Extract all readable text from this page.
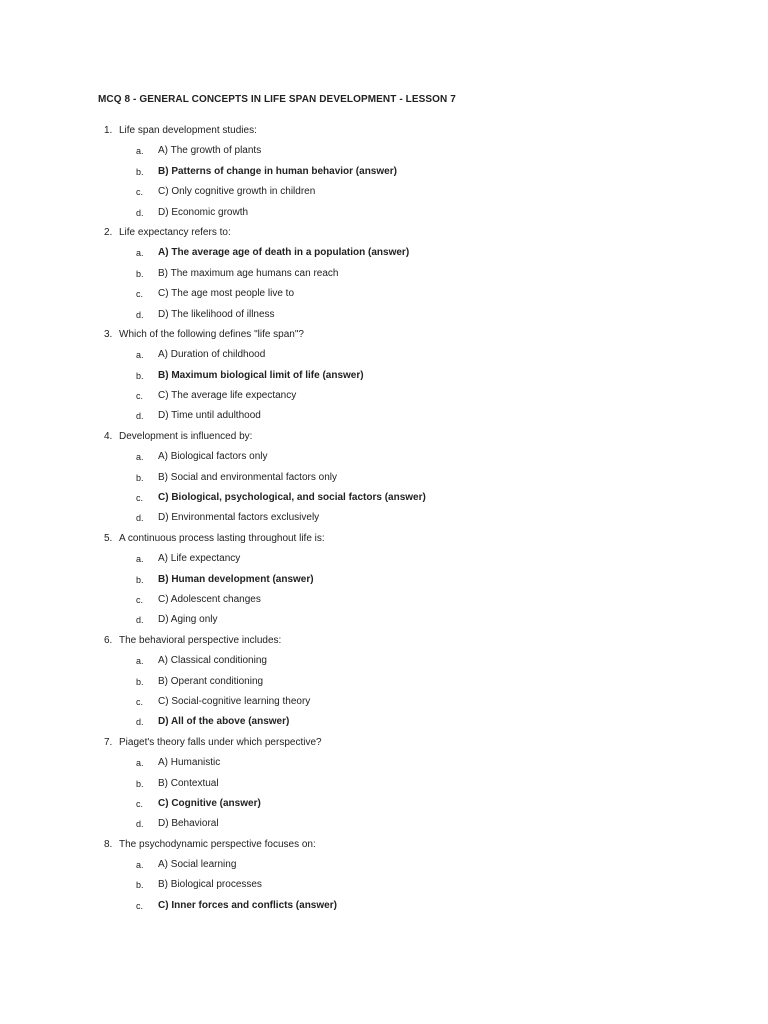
MCQ 8 - GENERAL CONCEPTS IN LIFE SPAN DEVELOPMENT - LESSON 7
1. Life span development studies:
a. A) The growth of plants
b. B) Patterns of change in human behavior (answer)
c. C) Only cognitive growth in children
d. D) Economic growth
2. Life expectancy refers to:
a. A) The average age of death in a population (answer)
b. B) The maximum age humans can reach
c. C) The age most people live to
d. D) The likelihood of illness
3. Which of the following defines "life span"?
a. A) Duration of childhood
b. B) Maximum biological limit of life (answer)
c. C) The average life expectancy
d. D) Time until adulthood
4. Development is influenced by:
a. A) Biological factors only
b. B) Social and environmental factors only
c. C) Biological, psychological, and social factors (answer)
d. D) Environmental factors exclusively
5. A continuous process lasting throughout life is:
a. A) Life expectancy
b. B) Human development (answer)
c. C) Adolescent changes
d. D) Aging only
6. The behavioral perspective includes:
a. A) Classical conditioning
b. B) Operant conditioning
c. C) Social-cognitive learning theory
d. D) All of the above (answer)
7. Piaget's theory falls under which perspective?
a. A) Humanistic
b. B) Contextual
c. C) Cognitive (answer)
d. D) Behavioral
8. The psychodynamic perspective focuses on:
a. A) Social learning
b. B) Biological processes
c. C) Inner forces and conflicts (answer)
